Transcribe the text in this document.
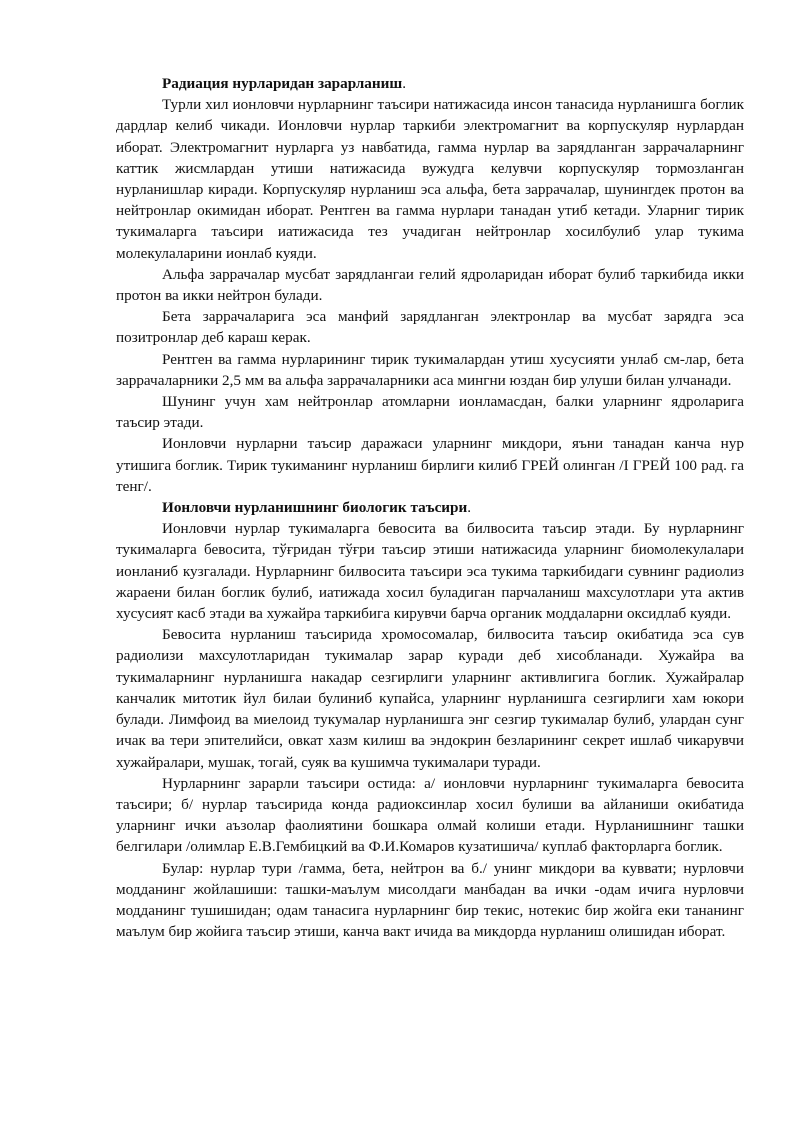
Радиация нурларидан зарарланиш.

Турли хил ионловчи нурларнинг таъсири натижасида инсон танасида нурланишга боглик дардлар келиб чикади. Ионловчи нурлар таркиби электромагнит ва корпускуляр нурлардан иборат. Электромагнит нурларга уз навбатида, гамма нурлар ва зарядланган заррачаларнинг каттик жисмлардан утиши натижасида вужудга келувчи корпускуляр тормозланган нурланишлар киради. Корпускуляр нурланиш эса альфа, бета заррачалар, шунингдек протон ва нейтронлар окимидан иборат. Рентген ва гамма нурлари танадан утиб кетади. Уларниг тирик тукималарга таъсири иатижасида тез учадиган нейтронлар хосилбулиб улар тукима молекулаларини ионлаб куяди.

Альфа заррачалар мусбат зарядлангаи гелий ядроларидан иборат булиб таркибида икки протон ва икки нейтрон булади.

Бета заррачаларига эса манфий зарядланган электронлар ва мусбат зарядга эса позитронлар деб караш керак.

Рентген ва гамма нурларининг тирик тукималардан утиш хусусияти унлаб см-лар, бета заррачаларники 2,5 мм ва альфа заррачаларники аса мингни юздан бир улуши билан улчанади.

Шунинг учун хам нейтронлар атомларни ионламасдан, балки уларнинг ядроларига таъсир этади.

Ионловчи нурларни таъсир даражаси уларнинг микдори, яъни танадан канча нур утишига боглик. Тирик тукиманинг нурланиш бирлиги килиб ГРЕЙ олинган /I ГРЕЙ 100 рад. га тенг/.

Ионловчи нурланишнинг биологик таъсири.

Ионловчи нурлар тукималарга бевосита ва билвосита таъсир этади. Бу нурларнинг тукималарга бевосита, тўғридан тўғри таъсир этиши натижасида уларнинг биомолекулалари ионланиб кузгалади. Нурларнинг билвосита таъсири эса тукима таркибидаги сувнинг радиолиз жараени билан боглик булиб, иатижада хосил буладиган парчаланиш махсулотлари ута актив хусусият касб этади ва хужайра таркибига кирувчи барча органик моддаларни оксидлаб куяди.

Бевосита нурланиш таъсирида хромосомалар, билвосита таъсир окибатида эса сув радиолизи махсулотларидан тукималар зарар куради деб хисобланади. Хужайра ва тукималарнинг нурланишга накадар сезгирлиги уларнинг активлигига боглик. Хужайралар канчалик митотик йул билаи булиниб купайса, уларнинг нурланишга сезгирлиги хам юкори булади. Лимфоид ва миелоид тукумалар нурланишга энг сезгир тукималар булиб, улардан сунг ичак ва тери эпителийси, овкат хазм килиш ва эндокрин безларининг секрет ишлаб чикарувчи хужайралари, мушак, тогай, суяк ва кушимча тукималари туради.

Нурларнинг зарарли таъсири остида: а/ ионловчи нурларнинг тукималарга бевосита таъсири; б/ нурлар таъсирида конда радиоксинлар хосил булиши ва айланиши окибатида уларнинг ички аъзолар фаолиятини бошкара олмай колиши етади. Нурланишнинг ташки белгилари /олимлар Е.В.Гембицкий ва Ф.И.Комаров кузатишича/ куплаб факторларга боглик.

Булар: нурлар тури /гамма, бета, нейтрон ва б./ унинг микдори ва куввати; нурловчи модданинг жойлашиши: ташки-маълум мисолдаги манбадан ва ички -одам ичига нурловчи модданинг тушишидан; одам танасига нурларнинг бир текис, нотекис бир жойга еки тананинг маълум бир жойига таъсир этиши, канча вакт ичида ва микдорда нурланиш олишидан иборат.
